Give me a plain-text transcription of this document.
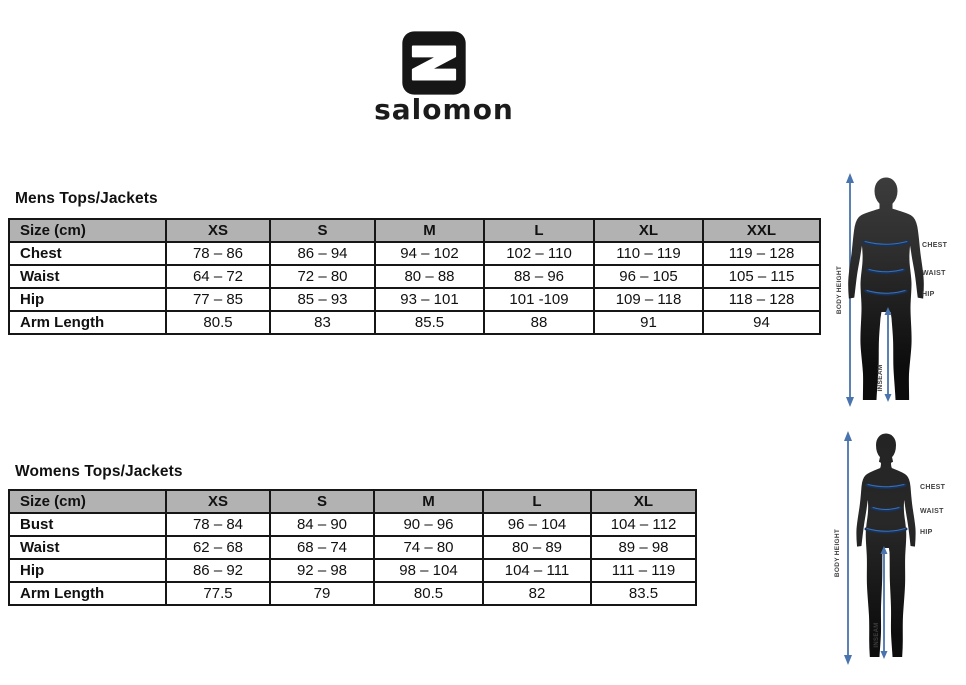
salomon
Mens Tops/Jackets
Size (cm)	XS	S	M	L	XL	XXL
Chest	78 – 86	86 – 94	94 – 102	102 – 110	110 – 119	119 – 128
Waist	64 – 72	72 – 80	80 – 88	88 – 96	96 – 105	105 – 115
Hip	77 – 85	85 – 93	93 – 101	101 -109	109 – 118	118 – 128
Arm Length	80.5	83	85.5	88	91	94
Womens Tops/Jackets
Size (cm)	XS	S	M	L	XL
Bust	78 – 84	84 – 90	90 – 96	96 – 104	104 – 112
Waist	62 – 68	68 – 74	74 – 80	80 – 89	89 – 98
Hip	86 – 92	92 – 98	98 – 104	104 – 111	111 – 119
Arm Length	77.5	79	80.5	82	83.5
CHEST
WAIST
HIP
BODY HEIGHT
INSEAM
CHEST
WAIST
HIP
BODY HEIGHT
INSEAM
